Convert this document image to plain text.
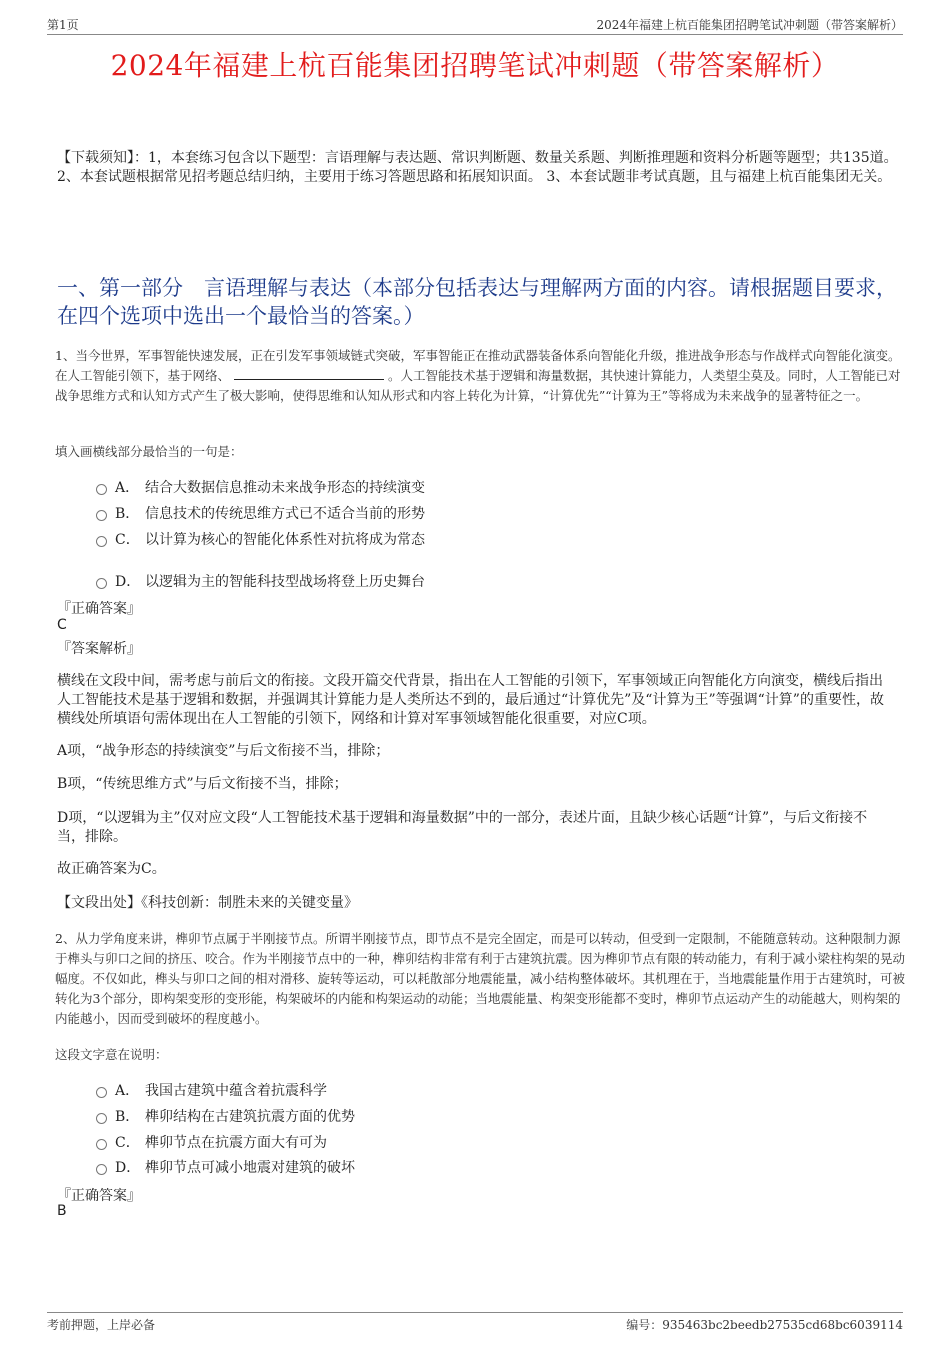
第1页	2024年福建上杭百能集团招聘笔试冲刺题（带答案解析）
2024年福建上杭百能集团招聘笔试冲刺题（带答案解析）
【下载须知】：1，本套练习包含以下题型：言语理解与表达题、常识判断题、数量关系题、判断推理题和资料分析题等题型；共135道。 2、本套试题根据常见招考题总结归纳，主要用于练习答题思路和拓展知识面。 3、本套试题非考试真题，且与福建上杭百能集团无关。
一、第一部分　言语理解与表达（本部分包括表达与理解两方面的内容。请根据题目要求，在四个选项中选出一个最恰当的答案。）
1、当今世界，军事智能快速发展，正在引发军事领域链式突破，军事智能正在推动武器装备体系向智能化升级，推进战争形态与作战样式向智能化演变。在人工智能引领下，基于网络、	。人工智能技术基于逻辑和海量数据，其快速计算能力，人类望尘莫及。同时，人工智能已对战争思维方式和认知方式产生了极大影响，使得思维和认知从形式和内容上转化为计算，“计算优先”“计算为王”等将成为未来战争的显著特征之一。
填入画横线部分最恰当的一句是：
A． 结合大数据信息推动未来战争形态的持续演变
B． 信息技术的传统思维方式已不适合当前的形势
C． 以计算为核心的智能化体系性对抗将成为常态
D． 以逻辑为主的智能科技型战场将登上历史舞台
『正确答案』
C
『答案解析』
横线在文段中间，需考虑与前后文的衔接。文段开篇交代背景，指出在人工智能的引领下，军事领域正向智能化方向演变，横线后指出人工智能技术是基于逻辑和数据，并强调其计算能力是人类所达不到的，最后通过“计算优先”及“计算为王”等强调“计算”的重要性，故横线处所填语句需体现出在人工智能的引领下，网络和计算对军事领域智能化很重要，对应C项。
A项，“战争形态的持续演变”与后文衔接不当，排除；
B项，“传统思维方式”与后文衔接不当，排除；
D项，“以逻辑为主”仅对应文段“人工智能技术基于逻辑和海量数据”中的一部分，表述片面，且缺少核心话题“计算”，与后文衔接不当，排除。
故正确答案为C。
【文段出处】《科技创新：制胜未来的关键变量》
2、从力学角度来讲，榫卯节点属于半刚接节点。所谓半刚接节点，即节点不是完全固定，而是可以转动，但受到一定限制，不能随意转动。这种限制力源于榫头与卯口之间的挤压、咬合。作为半刚接节点中的一种，榫卯结构非常有利于古建筑抗震。因为榫卯节点有限的转动能力，有利于减小梁柱构架的晃动幅度。不仅如此，榫头与卯口之间的相对滑移、旋转等运动，可以耗散部分地震能量，减小结构整体破坏。其机理在于，当地震能量作用于古建筑时，可被转化为3个部分，即构架变形的变形能，构架破坏的内能和构架运动的动能；当地震能量、构架变形能都不变时，榫卯节点运动产生的动能越大，则构架的内能越小，因而受到破坏的程度越小。
这段文字意在说明：
A． 我国古建筑中蕴含着抗震科学
B． 榫卯结构在古建筑抗震方面的优势
C． 榫卯节点在抗震方面大有可为
D． 榫卯节点可减小地震对建筑的破坏
『正确答案』
B
考前押题，上岸必备	编号：935463bc2beedb27535cd68bc6039114
